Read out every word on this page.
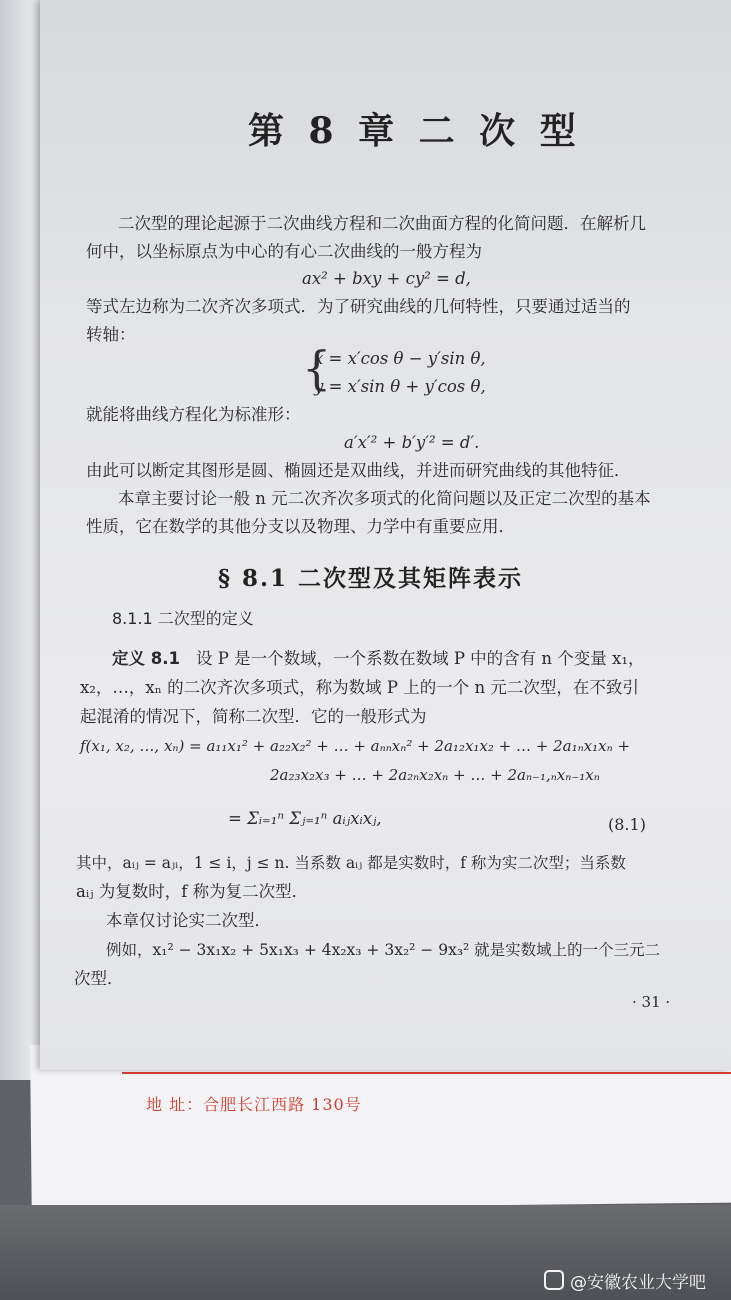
地 址：合肥长江西路 130号
第 8 章 二 次 型
二次型的理论起源于二次曲线方程和二次曲面方程的化简问题．在解析几
何中，以坐标原点为中心的有心二次曲线的一般方程为
ax² + bxy + cy² = d,
等式左边称为二次齐次多项式．为了研究曲线的几何特性，只要通过适当的
转轴：
{
x = x′cos θ − y′sin θ,
y = x′sin θ + y′cos θ,
就能将曲线方程化为标准形：
a′x′² + b′y′² = d′.
由此可以断定其图形是圆、椭圆还是双曲线，并进而研究曲线的其他特征．
本章主要讨论一般 n 元二次齐次多项式的化简问题以及正定二次型的基本
性质，它在数学的其他分支以及物理、力学中有重要应用．
§ 8.1 二次型及其矩阵表示
8.1.1 二次型的定义
定义 8.1 设 P 是一个数域，一个系数在数域 P 中的含有 n 个变量 x₁，
x₂，…，xₙ 的二次齐次多项式，称为数域 P 上的一个 n 元二次型，在不致引
起混淆的情况下，简称二次型．它的一般形式为
f(x₁, x₂, …, xₙ) = a₁₁x₁² + a₂₂x₂² + … + aₙₙxₙ² + 2a₁₂x₁x₂ + … + 2a₁ₙx₁xₙ +
2a₂₃x₂x₃ + … + 2a₂ₙx₂xₙ + … + 2aₙ₋₁,ₙxₙ₋₁xₙ
= Σᵢ₌₁ⁿ Σⱼ₌₁ⁿ aᵢⱼxᵢxⱼ,	(8.1)
其中，aᵢⱼ = aⱼᵢ，1 ≤ i，j ≤ n. 当系数 aᵢⱼ 都是实数时，f 称为实二次型；当系数
aᵢⱼ 为复数时，f 称为复二次型．
本章仅讨论实二次型．
例如，x₁² − 3x₁x₂ + 5x₁x₃ + 4x₂x₃ + 3x₂² − 9x₃² 就是实数域上的一个三元二
次型．
· 31 ·
@安徽农业大学吧
